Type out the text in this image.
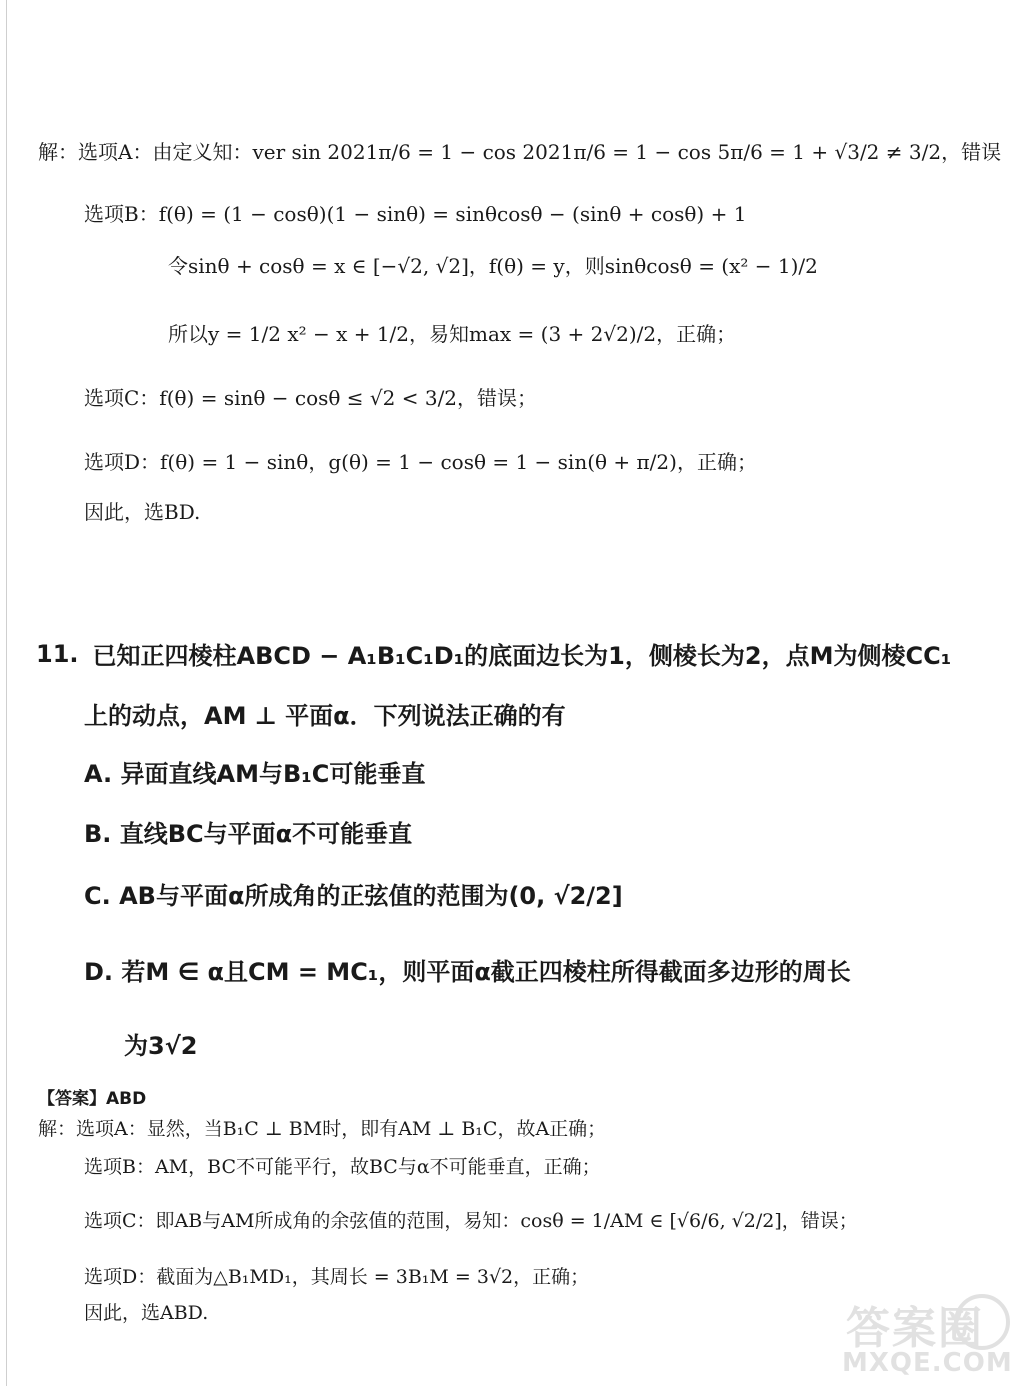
解：选项A：由定义知：ver sin 2021π/6 = 1 − cos 2021π/6 = 1 − cos 5π/6 = 1 + √3/2 ≠ 3/2，错误
选项B：f(θ) = (1 − cosθ)(1 − sinθ) = sinθcosθ − (sinθ + cosθ) + 1
令sinθ + cosθ = x ∈ [−√2, √2]，f(θ) = y，则sinθcosθ = (x² − 1)/2
所以y = 1/2 x² − x + 1/2，易知max = (3 + 2√2)/2，正确；
选项C：f(θ) = sinθ − cosθ ≤ √2 < 3/2，错误；
选项D：f(θ) = 1 − sinθ，g(θ) = 1 − cosθ = 1 − sin(θ + π/2)，正确；
因此，选BD.
11. 已知正四棱柱ABCD − A₁B₁C₁D₁的底面边长为1，侧棱长为2，点M为侧棱CC₁
上的动点，AM ⊥ 平面α．下列说法正确的有
A. 异面直线AM与B₁C可能垂直
B. 直线BC与平面α不可能垂直
C. AB与平面α所成角的正弦值的范围为(0, √2/2]
D. 若M ∈ α且CM = MC₁，则平面α截正四棱柱所得截面多边形的周长
为3√2
【答案】ABD
解：选项A：显然，当B₁C ⊥ BM时，即有AM ⊥ B₁C，故A正确；
选项B：AM，BC不可能平行，故BC与α不可能垂直，正确；
选项C：即AB与AM所成角的余弦值的范围，易知：cosθ = 1/AM ∈ [√6/6, √2/2]，错误；
选项D：截面为△B₁MD₁，其周长 = 3B₁M = 3√2，正确；
因此，选ABD.	答案圈
MXQE.COM
